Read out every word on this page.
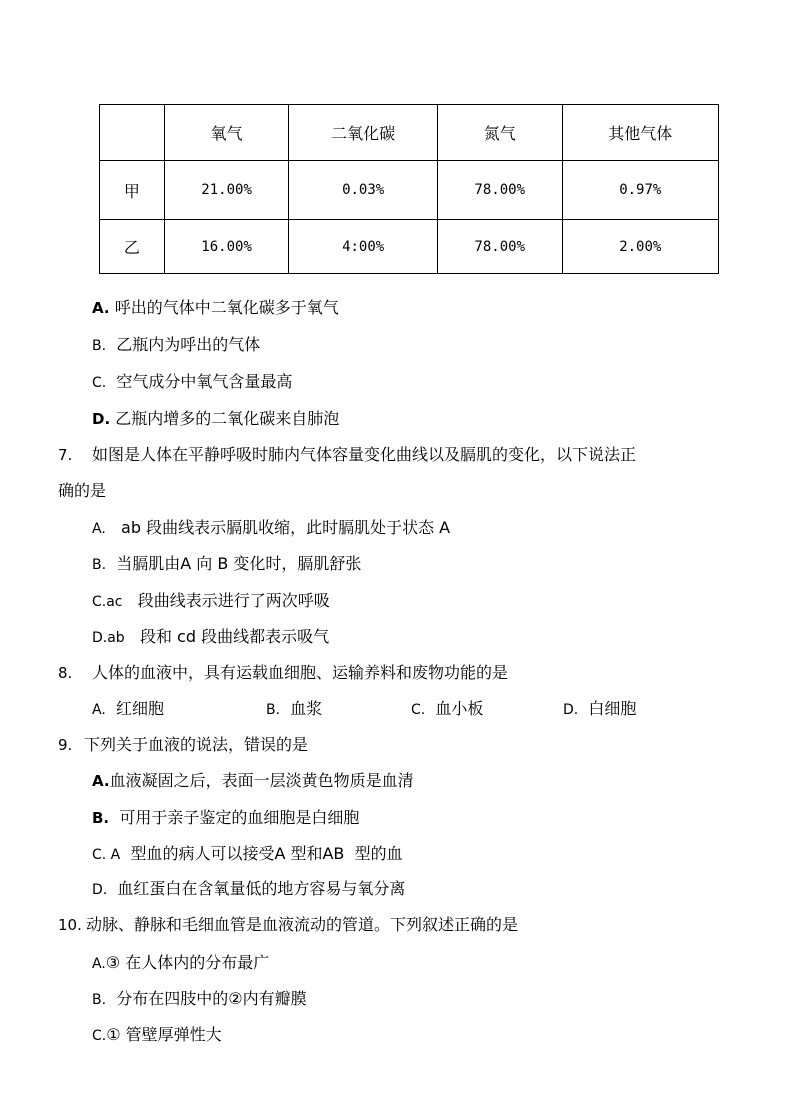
	氧气	二氧化碳	氮气	其他气体
甲	21.00%	0.03%	78.00%	0.97%
乙	16.00%	4:00%	78.00%	2.00%
A. 呼出的气体中二氧化碳多于氧气
B. 乙瓶内为呼出的气体
C. 空气成分中氧气含量最高
D. 乙瓶内增多的二氧化碳来自肺泡
7. 如图是人体在平静呼吸时肺内气体容量变化曲线以及膈肌的变化，以下说法正
确的是
A. ab 段曲线表示膈肌收缩，此时膈肌处于状态 A
B. 当膈肌由A 向 B 变化时，膈肌舒张
C.ac 段曲线表示进行了两次呼吸
D.ab 段和 cd 段曲线都表示吸气
8. 人体的血液中，具有运载血细胞、运输养料和废物功能的是
A. 红细胞	B. 血浆	C. 血小板	D. 白细胞
9. 下列关于血液的说法，错误的是
A.血液凝固之后，表面一层淡黄色物质是血清
B. 可用于亲子鉴定的血细胞是白细胞
C. A 型血的病人可以接受A 型和AB  型的血
D. 血红蛋白在含氧量低的地方容易与氧分离
10. 动脉、静脉和毛细血管是血液流动的管道。下列叙述正确的是
A.③ 在人体内的分布最广
B. 分布在四肢中的②内有瓣膜
C.① 管壁厚弹性大
